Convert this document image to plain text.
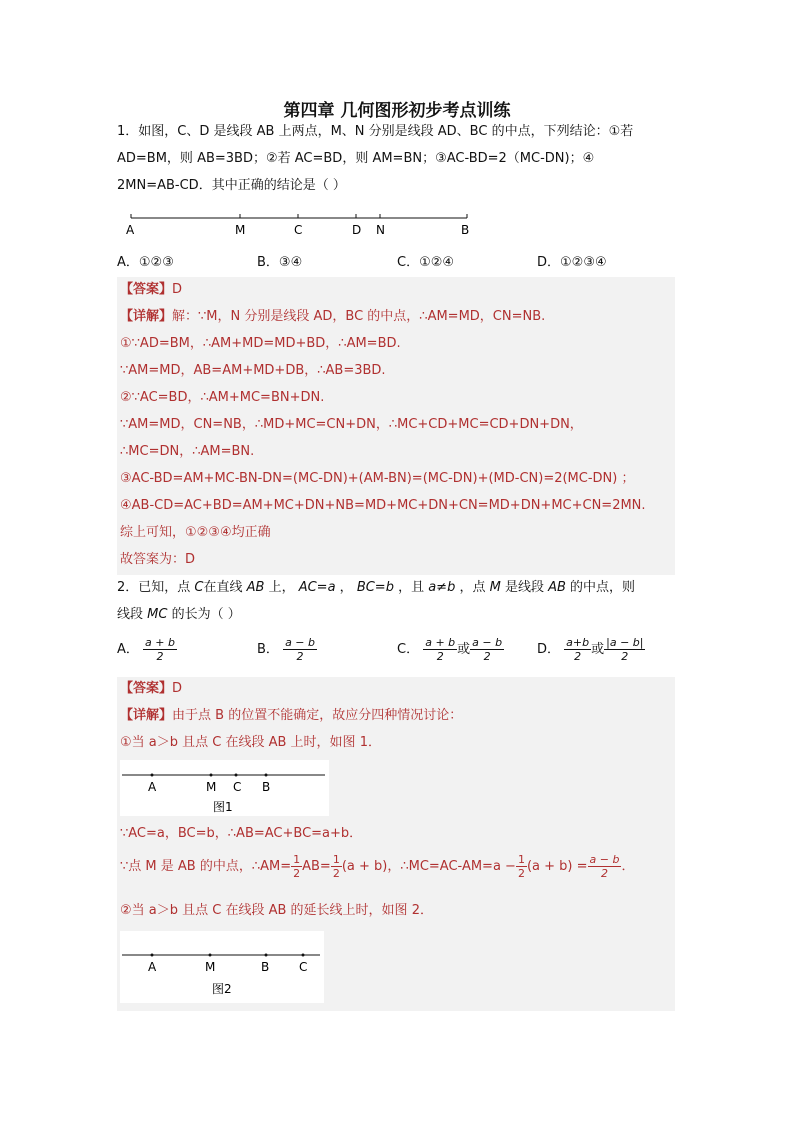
第四章 几何图形初步考点训练
1．如图，C、D 是线段 AB 上两点，M、N 分别是线段 AD、BC 的中点，下列结论：①若
AD=BM，则 AB=3BD；②若 AC=BD，则 AM=BN；③AC-BD=2（MC-DN)；④
2MN=AB-CD．其中正确的结论是（ ）
A	M	C	D N	B
A．①②③	B．③④	C．①②④	D．①②③④
【答案】D
【详解】解：∵M，N 分别是线段 AD，BC 的中点，∴AM=MD，CN=NB.
①∵AD=BM，∴AM+MD=MD+BD，∴AM=BD.
∵AM=MD，AB=AM+MD+DB，∴AB=3BD.
②∵AC=BD，∴AM+MC=BN+DN.
∵AM=MD，CN=NB，∴MD+MC=CN+DN，∴MC+CD+MC=CD+DN+DN，
∴MC=DN，∴AM=BN.
③AC-BD=AM+MC-BN-DN=(MC-DN)+(AM-BN)=(MC-DN)+(MD-CN)=2(MC-DN) ；
④AB-CD=AC+BD=AM+MC+DN+NB=MD+MC+DN+CN=MD+DN+MC+CN=2MN.
综上可知，①②③④均正确
故答案为：D
2．已知，点 C在直线 AB 上， AC=a ， BC=b ，且 a≠b ，点 M 是线段 AB 的中点，则
线段 MC 的长为（ ）
A． $\frac{a + b}{2}$	B． $\frac{a - b}{2}$	C． $\frac{a + b}{2}$ 或 $\frac{a - b}{2}$	D． $\frac{a+b}{2}$ 或 $\frac{|a - b|}{2}$
【答案】D
【详解】由于点 B 的位置不能确定，故应分四种情况讨论：
①当 a＞b 且点 C 在线段 AB 上时，如图 1．
A	M C B
图1
∵AC=a，BC=b，∴AB=AC+BC=a+b．
∵点 M 是 AB 的中点，∴AM= $\frac{1}{2} AB= \frac{1}{2} (a + b)$，∴MC=AC-AM=a − $\frac{1}{2} (a + b) = \frac{a - b}{2}$ ．
②当 a＞b 且点 C 在线段 AB 的延长线上时，如图 2．
A	M	B C
图2
